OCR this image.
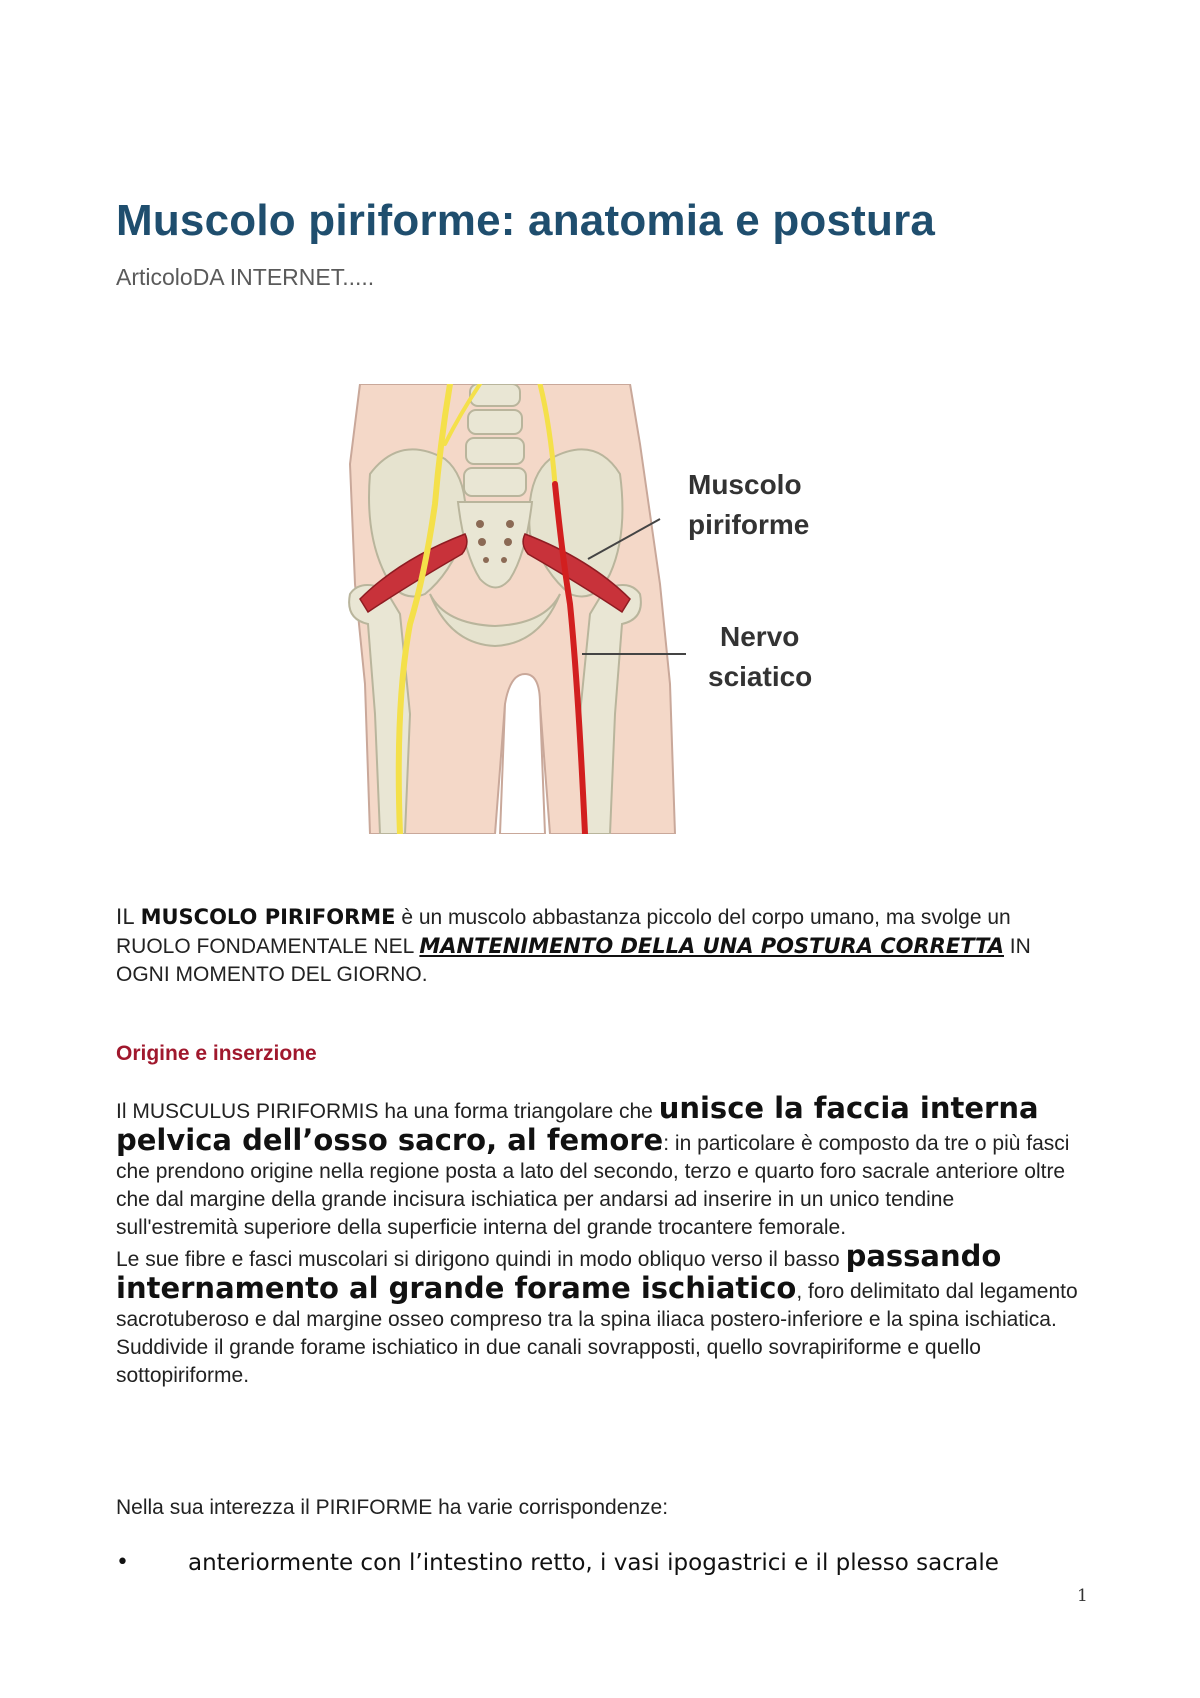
Muscolo piriforme: anatomia e postura
ArticoloDA INTERNET.....
Muscolo
piriforme
Nervo
sciatico
IL MUSCOLO PIRIFORME è un muscolo abbastanza piccolo del corpo umano, ma svolge un RUOLO FONDAMENTALE NEL MANTENIMENTO DELLA UNA POSTURA CORRETTA IN OGNI MOMENTO DEL GIORNO.
Origine e inserzione
Il MUSCULUS PIRIFORMIS ha una forma triangolare che unisce la faccia interna pelvica dell’osso sacro, al femore: in particolare è composto da tre o più fasci che prendono origine nella regione posta a lato del secondo, terzo e quarto foro sacrale anteriore oltre che dal margine della grande incisura ischiatica per andarsi ad inserire in un unico tendine sull'estremità superiore della superficie interna del grande trocantere femorale.
Le sue fibre e fasci muscolari si dirigono quindi in modo obliquo verso il basso passando internamento al grande forame ischiatico, foro delimitato dal legamento sacrotuberoso e dal margine osseo compreso tra la spina iliaca postero-inferiore e la spina ischiatica.
Suddivide il grande forame ischiatico in due canali sovrapposti, quello sovrapiriforme e quello sottopiriforme.
Nella sua interezza il PIRIFORME ha varie corrispondenze:
•	anteriormente con l’intestino retto, i vasi ipogastrici e il plesso sacrale
1
